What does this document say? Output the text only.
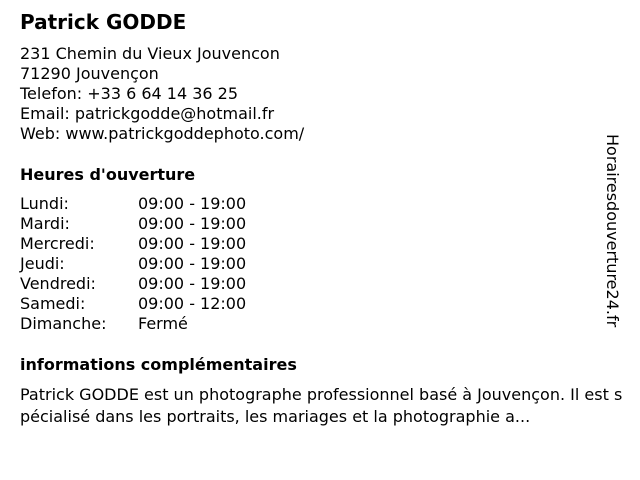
Patrick GODDE
231 Chemin du Vieux Jouvencon
71290 Jouvençon
Telefon: +33 6 64 14 36 25
Email: patrickgodde@hotmail.fr
Web: www.patrickgoddephoto.com/
Heures d'ouverture
Lundi:	09:00 - 19:00
Mardi:	09:00 - 19:00
Mercredi:	09:00 - 19:00
Jeudi:	09:00 - 19:00
Vendredi:	09:00 - 19:00
Samedi:	09:00 - 12:00
Dimanche:	Fermé
informations complémentaires
Patrick GODDE est un photographe professionnel basé à Jouvençon. Il est spécialisé dans les portraits, les mariages et la photographie a...
Horairesdouverture24.fr
